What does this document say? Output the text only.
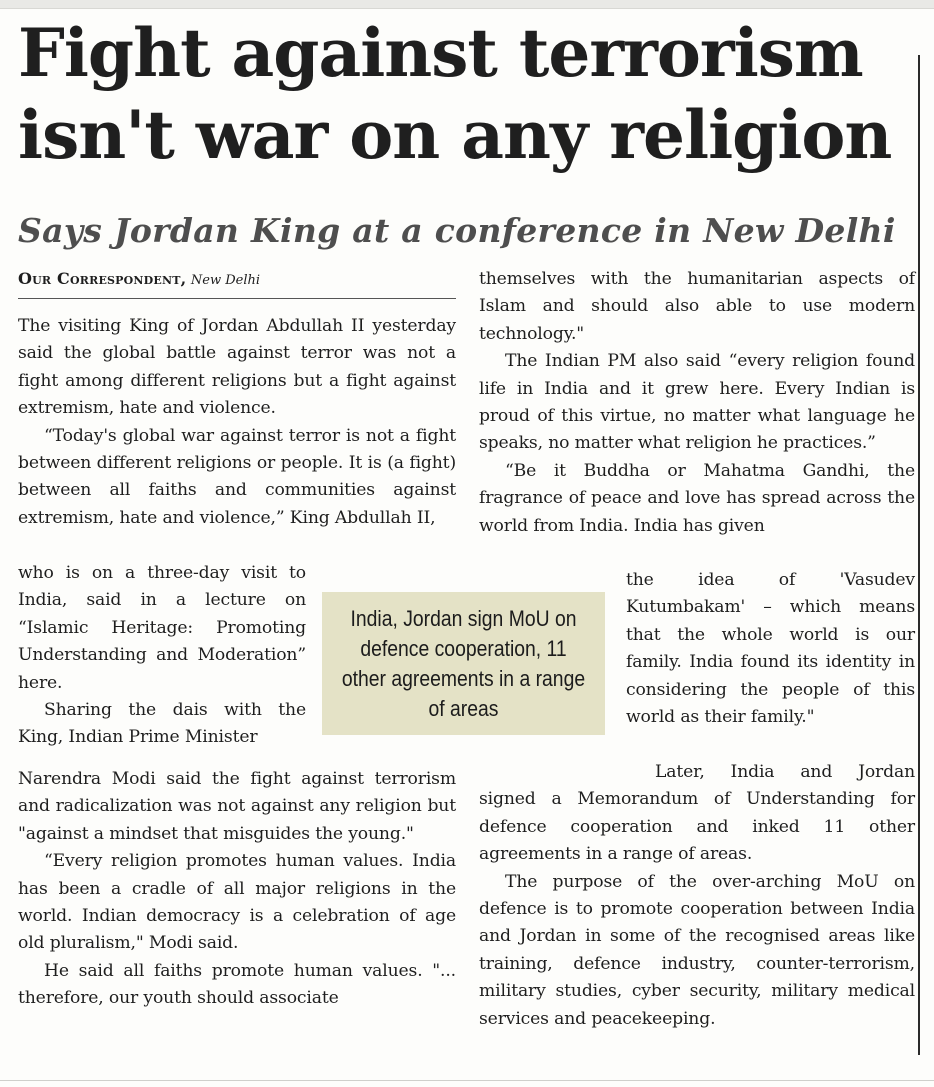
Fight against terrorism isn't war on any religion
Says Jordan King at a conference in New Delhi
Our Correspondent, New Delhi

The visiting King of Jordan Abdullah II yesterday said the global battle against terror was not a fight among different religions but a fight against extremism, hate and violence.

“Today's global war against terror is not a fight between different religions or people. It is (a fight) between all faiths and communities against extremism, hate and violence,” King Abdullah II,

who is on a three-day visit to India, said in a lecture on “Islamic Heritage: Promoting Understanding and Moderation” here.

Sharing the dais with the King, Indian Prime Minister

Narendra Modi said the fight against terrorism and radicalization was not against any religion but "against a mindset that misguides the young."

“Every religion promotes human values. India has been a cradle of all major religions in the world. Indian democracy is a celebration of age old pluralism," Modi said.

He said all faiths promote human values. "... therefore, our youth should associate

themselves with the humanitarian aspects of Islam and should also able to use modern technology."

The Indian PM also said “every religion found life in India and it grew here. Every Indian is proud of this virtue, no matter what language he speaks, no matter what religion he practices.”

“Be it Buddha or Mahatma Gandhi, the fragrance of peace and love has spread across the world from India. India has given

the idea of 'Vasudev Kutumbakam' – which means that the whole world is our family. India found its identity in considering the people of this world as their family."

Later, India and Jordan signed a Memorandum of Understanding for defence cooperation and inked 11 other agreements in a range of areas.

The purpose of the over-arching MoU on defence is to promote cooperation between India and Jordan in some of the recognised areas like training, defence industry, counter-terrorism, military studies, cyber security, military medical services and peacekeeping.

India, Jordan sign MoU on defence cooperation, 11 other agreements in a range of areas
